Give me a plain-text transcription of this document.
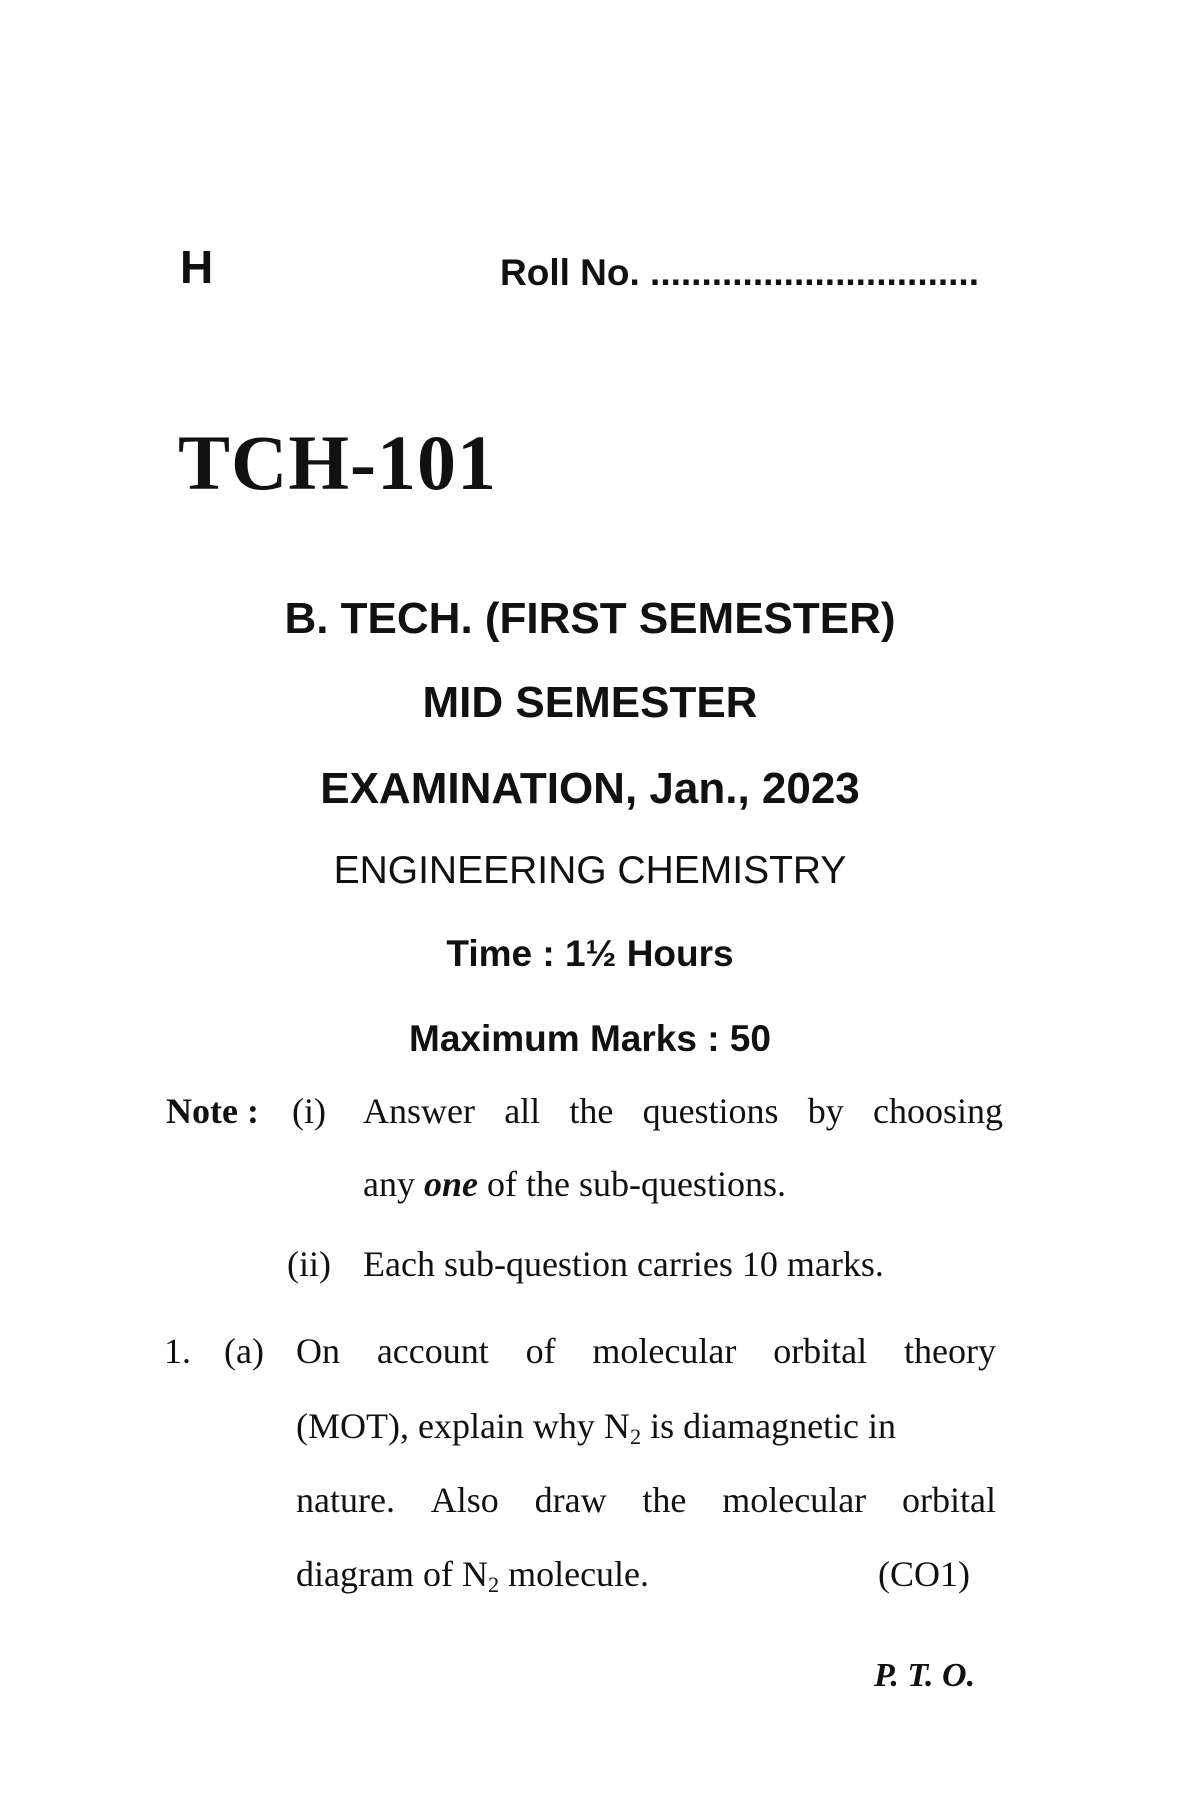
H	Roll No. ................................
TCH-101
B. TECH. (FIRST SEMESTER)
MID SEMESTER
EXAMINATION, Jan., 2023
ENGINEERING CHEMISTRY
Time : 1½ Hours
Maximum Marks : 50
Note : (i) Answer all the questions by choosing
any one of the sub-questions.
(ii) Each sub-question carries 10 marks.
1. (a) On account of molecular orbital theory
(MOT), explain why $N_2$ is diamagnetic in
nature. Also draw the molecular orbital
diagram of $N_2$ molecule.	(CO1)
P. T. O.
